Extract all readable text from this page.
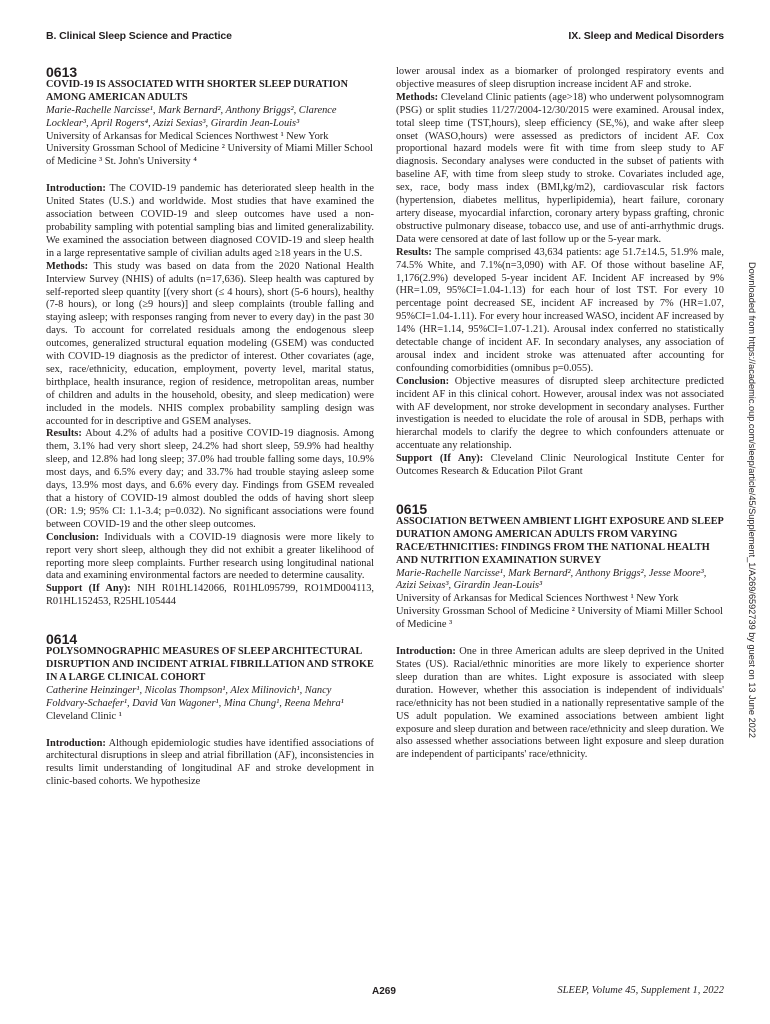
B. Clinical Sleep Science and Practice	IX. Sleep and Medical Disorders

0613

COVID-19 IS ASSOCIATED WITH SHORTER SLEEP DURATION AMONG AMERICAN ADULTS

Marie-Rachelle Narcisse¹, Mark Bernard², Anthony Briggs², Clarence Locklear³, April Rogers⁴, Azizi Sexias³, Girardin Jean-Louis³

University of Arkansas for Medical Sciences Northwest ¹ New York University Grossman School of Medicine ² University of Miami Miller School of Medicine ³ St. John's University ⁴

Introduction: The COVID-19 pandemic has deteriorated sleep health in the United States (U.S.) and worldwide. Most studies that have examined the association between COVID-19 and sleep outcomes have used a non-probability sampling with potential sampling bias and limited generalizability. We examined the association between diagnosed COVID-19 and sleep health in a large representative sample of civilian adults aged ≥18 years in the U.S.

Methods: This study was based on data from the 2020 National Health Interview Survey (NHIS) of adults (n=17,636). Sleep health was captured by self-reported sleep quantity [(very short (≤ 4 hours), short (5-6 hours), healthy (7-8 hours), or long (≥9 hours)] and sleep complaints (trouble falling and staying asleep; with responses ranging from never to every day) in the past 30 days. To account for correlated residuals among the endogenous sleep outcomes, generalized structural equation modeling (GSEM) was conducted with COVID-19 diagnosis as the predictor of interest. Other covariates (age, sex, race/ethnicity, education, employment, poverty level, marital status, birthplace, health insurance, region of residence, metropolitan areas, number of children and adults in the household, obesity, and sleep medication) were included in the models. NHIS complex probability sampling design was accounted for in descriptive and GSEM analyses.

Results: About 4.2% of adults had a positive COVID-19 diagnosis. Among them, 3.1% had very short sleep, 24.2% had short sleep, 59.9% had healthy sleep, and 12.8% had long sleep; 37.0% had trouble falling some days, 10.9% most days, and 6.5% every day; and 33.7% had trouble staying asleep some days, 13.9% most days, and 6.6% every day. Findings from GSEM revealed that a history of COVID-19 almost doubled the odds of having short sleep (OR: 1.9; 95% CI: 1.1-3.4; p=0.032). No significant associations were found between COVID-19 and the other sleep outcomes.

Conclusion: Individuals with a COVID-19 diagnosis were more likely to report very short sleep, although they did not exhibit a greater likelihood of reporting more sleep complaints. Further research using longitudinal national data and examining environmental factors are needed to determine causality.

Support (If Any): NIH R01HL142066, R01HL095799, RO1MD004113, R01HL152453, R25HL105444

0614

POLYSOMNOGRAPHIC MEASURES OF SLEEP ARCHITECTURAL DISRUPTION AND INCIDENT ATRIAL FIBRILLATION AND STROKE IN A LARGE CLINICAL COHORT

Catherine Heinzinger¹, Nicolas Thompson¹, Alex Milinovich¹, Nancy Foldvary-Schaefer¹, David Van Wagoner¹, Mina Chung¹, Reena Mehra¹

Cleveland Clinic ¹

Introduction: Although epidemiologic studies have identified associations of architectural disruptions in sleep and atrial fibrillation (AF), inconsistencies in results limit understanding of longitudinal AF and stroke development in clinic-based cohorts. We hypothesize

lower arousal index as a biomarker of prolonged respiratory events and objective measures of sleep disruption increase incident AF and stroke.

Methods: Cleveland Clinic patients (age>18) who underwent polysomnogram (PSG) or split studies 11/27/2004-12/30/2015 were examined. Arousal index, total sleep time (TST,hours), sleep efficiency (SE,%), and wake after sleep onset (WASO,hours) were assessed as predictors of incident AF. Cox proportional hazard models were fit with time from sleep study to AF diagnosis. Secondary analyses were conducted in the subset of patients with baseline AF, with time from sleep study to stroke. Covariates included age, sex, race, body mass index (BMI,kg/m2), cardiovascular risk factors (hypertension, diabetes mellitus, hyperlipidemia), heart failure, coronary artery disease, myocardial infarction, coronary artery bypass grafting, chronic obstructive pulmonary disease, tobacco use, and use of anti-arrhythmic drugs. Data were censored at date of last follow up or the 5-year mark.

Results: The sample comprised 43,634 patients: age 51.7±14.5, 51.9% male, 74.5% White, and 7.1%(n=3,090) with AF. Of those without baseline AF, 1,176(2.9%) developed 5-year incident AF. Incident AF increased by 9% (HR=1.09, 95%CI=1.04-1.13) for each hour of lost TST. For every 10 percentage point decreased SE, incident AF increased by 7% (HR=1.07, 95%CI=1.04-1.11). For every hour increased WASO, incident AF increased by 14% (HR=1.14, 95%CI=1.07-1.21). Arousal index conferred no statistically detectable change of incident AF. In secondary analyses, any association of arousal index and incident stroke was attenuated after accounting for confounding comorbidities (omnibus p=0.055).

Conclusion: Objective measures of disrupted sleep architecture predicted incident AF in this clinical cohort. However, arousal index was not associated with AF development, nor stroke development in secondary analyses. Further investigation is needed to elucidate the role of arousal in SDB, perhaps with hierarchal models to clarify the degree to which confounders attenuate or accentuate any relationship.

Support (If Any): Cleveland Clinic Neurological Institute Center for Outcomes Research & Education Pilot Grant

0615

ASSOCIATION BETWEEN AMBIENT LIGHT EXPOSURE AND SLEEP DURATION AMONG AMERICAN ADULTS FROM VARYING RACE/ETHNICITIES: FINDINGS FROM THE NATIONAL HEALTH AND NUTRITION EXAMINATION SURVEY

Marie-Rachelle Narcisse¹, Mark Bernard², Anthony Briggs², Jesse Moore³, Azizi Seixas³, Girardin Jean-Louis³

University of Arkansas for Medical Sciences Northwest ¹ New York University Grossman School of Medicine ² University of Miami Miller School of Medicine ³

Introduction: One in three American adults are sleep deprived in the United States (US). Racial/ethnic minorities are more likely to experience shorter sleep duration than are whites. Light exposure is associated with sleep duration. However, whether this association is independent of individuals' race/ethnicity has not been studied in a nationally representative sample of the US adult population. We examined associations between ambient light exposure and sleep duration and between race/ethnicity and sleep duration. We also assessed whether associations between light exposure and sleep duration are independent of participants' race/ethnicity.

Downloaded from https://academic.oup.com/sleep/article/45/Supplement_1/A269/6592739 by guest on 13 June 2022
A269	SLEEP, Volume 45, Supplement 1, 2022
